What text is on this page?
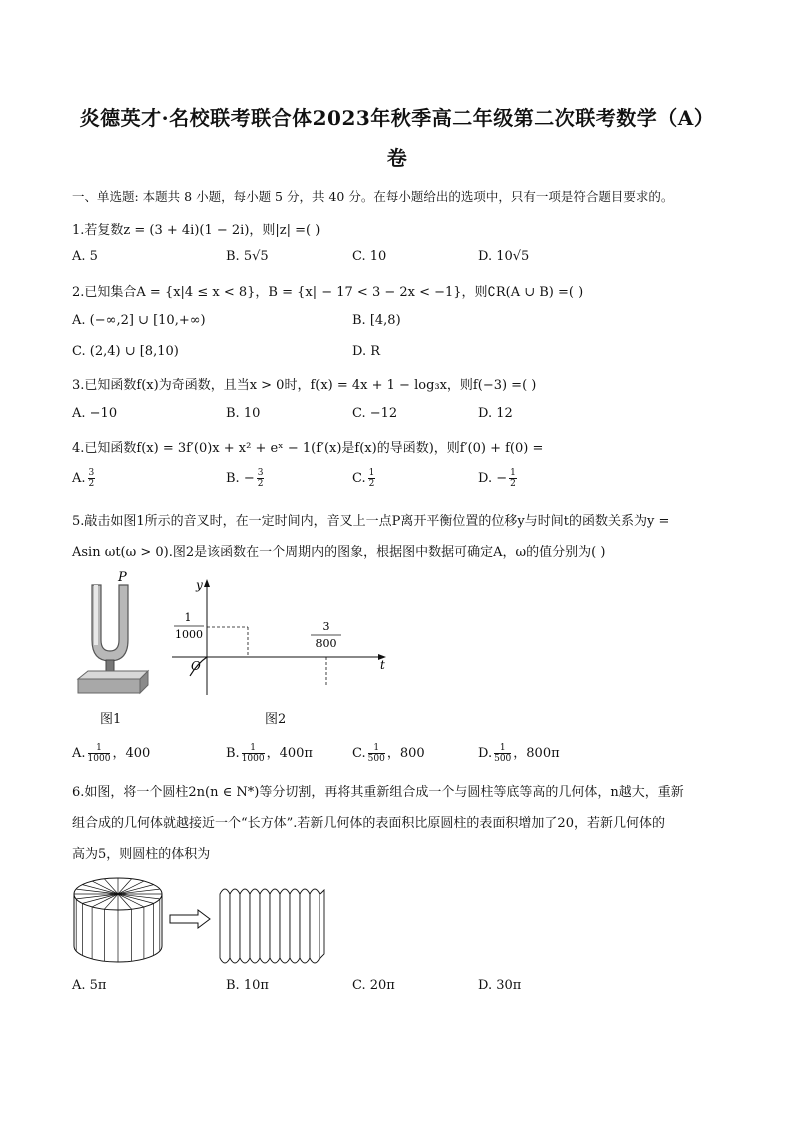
炎德英才·名校联考联合体2023年秋季高二年级第二次联考数学（A）
卷
一、单选题: 本题共 8 小题，每小题 5 分，共 40 分。在每小题给出的选项中，只有一项是符合题目要求的。
1.若复数z = (3 + 4i)(1 − 2i)，则|z| =( )
A. 5	B. 5√5	C. 10	D. 10√5
2.已知集合A = {x|4 ≤ x < 8}，B = {x| − 17 < 3 − 2x < −1}，则∁R(A ∪ B) =( )
A. (−∞,2] ∪ [10,+∞)	B. [4,8)
C. (2,4) ∪ [8,10)	D. R
3.已知函数f(x)为奇函数，且当x > 0时，f(x) = 4x + 1 − log₃x，则f(−3) =( )
A. −10	B. 10	C. −12	D. 12
4.已知函数f(x) = 3f′(0)x + x² + eˣ − 1(f′(x)是f(x)的导函数)，则f′(0) + f(0) =
A. $\frac{3}{2}$	B. − $\frac{3}{2}$	C. $\frac{1}{2}$	D. − $\frac{1}{2}$
5.敲击如图1所示的音叉时，在一定时间内，音叉上一点P离开平衡位置的位移y与时间t的函数关系为y =
Asin ωt(ω > 0).图2是该函数在一个周期内的图象，根据图中数据可确定A，ω的值分别为( )
P
图1
y
t
O
1
1000
3
800
图2
A. $\frac{1}{1000}$ ，400	B. $\frac{1}{1000}$ ，400π	C. $\frac{1}{500}$ ，800	D. $\frac{1}{500}$ ，800π
6.如图，将一个圆柱2n(n ∈ N*)等分切割，再将其重新组合成一个与圆柱等底等高的几何体，n越大，重新
组合成的几何体就越接近一个“长方体”.若新几何体的表面积比原圆柱的表面积增加了20，若新几何体的
高为5，则圆柱的体积为
A. 5π	B. 10π	C. 20π	D. 30π
